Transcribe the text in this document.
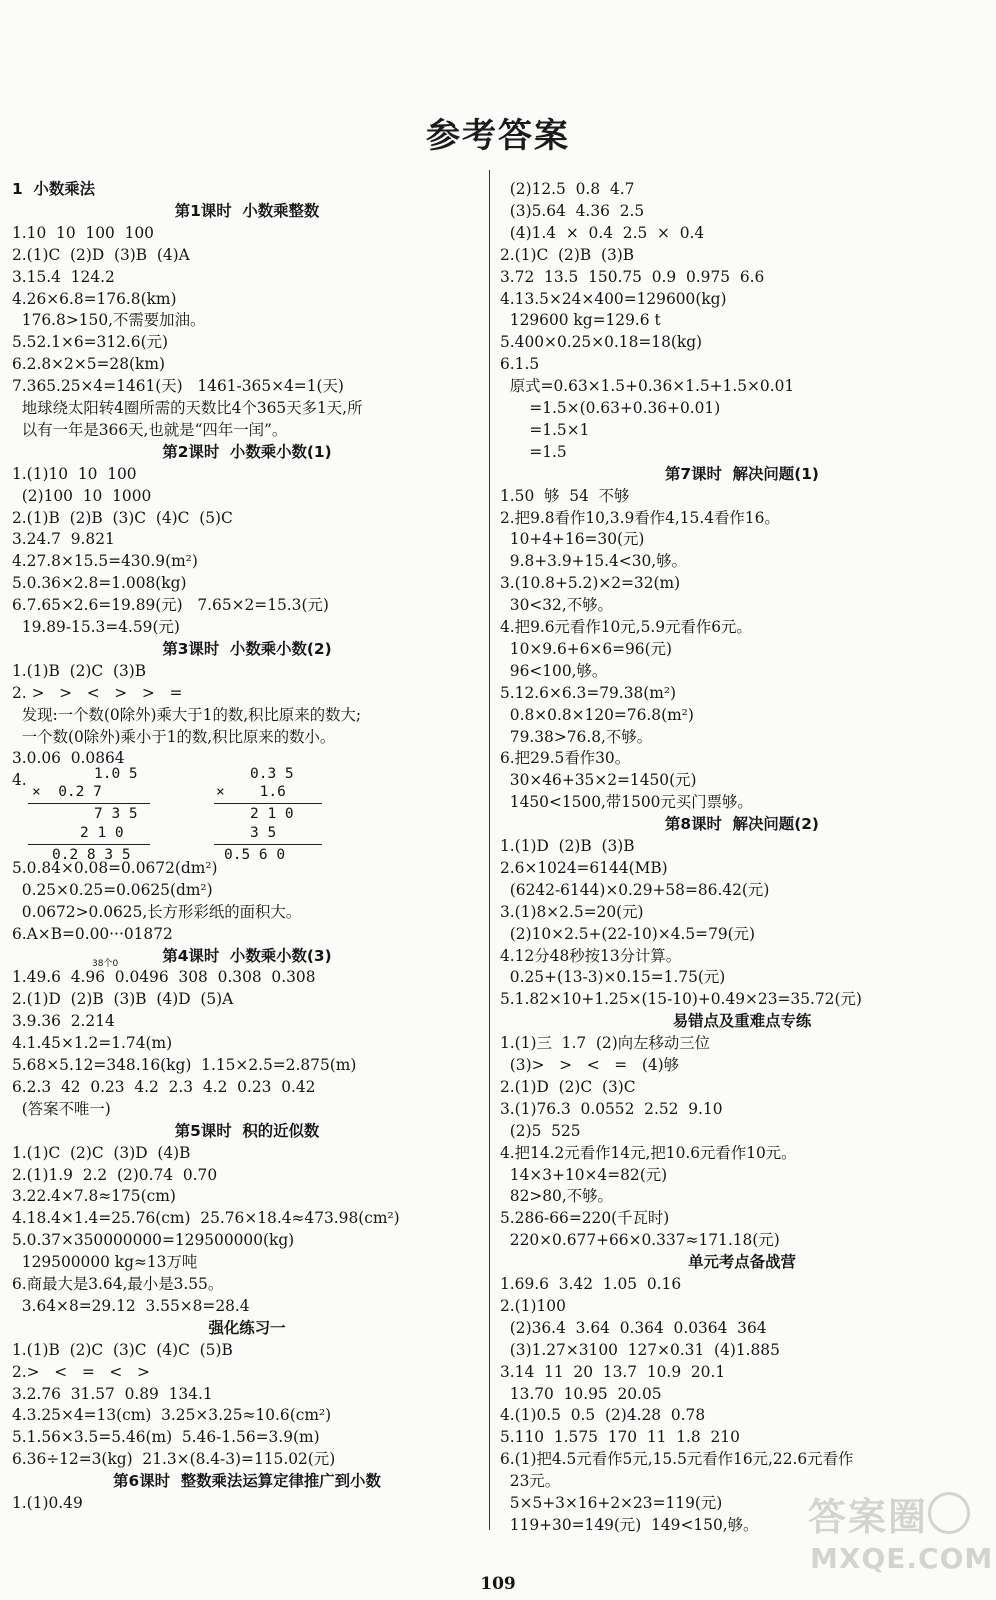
参考答案
1  小数乘法
第1课时  小数乘整数
1.10  10  100  100
2.(1)C  (2)D  (3)B  (4)A
3.15.4  124.2
4.26×6.8=176.8(km)
176.8>150,不需要加油。
5.52.1×6=312.6(元)
6.2.8×2×5=28(km)
7.365.25×4=1461(天)   1461-365×4=1(天)
地球绕太阳转4圈所需的天数比4个365天多1天,所
以有一年是366天,也就是“四年一闰”。
第2课时  小数乘小数(1)
1.(1)10  10  100
(2)100  10  1000
2.(1)B  (2)B  (3)C  (4)C  (5)C
3.24.7  9.821
4.27.8×15.5=430.9(m²)
5.0.36×2.8=1.008(kg)
6.7.65×2.6=19.89(元)   7.65×2=15.3(元)
19.89-15.3=4.59(元)
第3课时  小数乘小数(2)
1.(1)B  (2)C  (3)B
2. >   >   <   >   >   =
发现:一个数(0除外)乘大于1的数,积比原来的数大;
一个数(0除外)乘小于1的数,积比原来的数小。
3.0.06  0.0864
4.
5.0.84×0.08=0.0672(dm²)
0.25×0.25=0.0625(dm²)
0.0672>0.0625,长方形彩纸的面积大。
6.A×B=0.00···01872
第4课时  小数乘小数(3)
1.49.6  4.96  0.0496  308  0.308  0.308
2.(1)D  (2)B  (3)B  (4)D  (5)A
3.9.36  2.214
4.1.45×1.2=1.74(m)
5.68×5.12=348.16(kg)  1.15×2.5=2.875(m)
6.2.3  42  0.23  4.2  2.3  4.2  0.23  0.42
(答案不唯一)
第5课时  积的近似数
1.(1)C  (2)C  (3)D  (4)B
2.(1)1.9  2.2  (2)0.74  0.70
3.22.4×7.8≈175(cm)
4.18.4×1.4=25.76(cm)  25.76×18.4≈473.98(cm²)
5.0.37×350000000=129500000(kg)
129500000 kg≈13万吨
6.商最大是3.64,最小是3.55。
3.64×8=29.12  3.55×8=28.4
强化练习一
1.(1)B  (2)C  (3)C  (4)C  (5)B
2.>   <   =   <   >
3.2.76  31.57  0.89  134.1
4.3.25×4=13(cm)  3.25×3.25≈10.6(cm²)
5.1.56×3.5=5.46(m)  5.46-1.56=3.9(m)
6.36÷12=3(kg)  21.3×(8.4-3)=115.02(元)
第6课时  整数乘法运算定律推广到小数
1.(1)0.49
(2)12.5  0.8  4.7
(3)5.64  4.36  2.5
(4)1.4  ×  0.4  2.5  ×  0.4
2.(1)C  (2)B  (3)B
3.72  13.5  150.75  0.9  0.975  6.6
4.13.5×24×400=129600(kg)
129600 kg=129.6 t
5.400×0.25×0.18=18(kg)
6.1.5
原式=0.63×1.5+0.36×1.5+1.5×0.01
=1.5×(0.63+0.36+0.01)
=1.5×1
=1.5
第7课时  解决问题(1)
1.50  够  54  不够
2.把9.8看作10,3.9看作4,15.4看作16。
10+4+16=30(元)
9.8+3.9+15.4<30,够。
3.(10.8+5.2)×2=32(m)
30<32,不够。
4.把9.6元看作10元,5.9元看作6元。
10×9.6+6×6=96(元)
96<100,够。
5.12.6×6.3=79.38(m²)
0.8×0.8×120=76.8(m²)
79.38>76.8,不够。
6.把29.5看作30。
30×46+35×2=1450(元)
1450<1500,带1500元买门票够。
第8课时  解决问题(2)
1.(1)D  (2)B  (3)B
2.6×1024=6144(MB)
(6242-6144)×0.29+58=86.42(元)
3.(1)8×2.5=20(元)
(2)10×2.5+(22-10)×4.5=79(元)
4.12分48秒按13分计算。
0.25+(13-3)×0.15=1.75(元)
5.1.82×10+1.25×(15-10)+0.49×23=35.72(元)
易错点及重难点专练
1.(1)三  1.7  (2)向左移动三位
(3)>   >   <   =   (4)够
2.(1)D  (2)C  (3)C
3.(1)76.3  0.0552  2.52  9.10
(2)5  525
4.把14.2元看作14元,把10.6元看作10元。
14×3+10×4=82(元)
82>80,不够。
5.286-66=220(千瓦时)
220×0.677+66×0.337≈171.18(元)
单元考点备战营
1.69.6  3.42  1.05  0.16
2.(1)100
(2)36.4  3.64  0.364  0.0364  364
(3)1.27×3100  127×0.31  (4)1.885
3.14  11  20  13.7  10.9  20.1
13.70  10.95  20.05
4.(1)0.5  0.5  (2)4.28  0.78
5.110  1.575  170  11  1.8  210
6.(1)把4.5元看作5元,15.5元看作16元,22.6元看作
23元。
5×5+3×16+2×23=119(元)
119+30=149(元)  149<150,够。
1.0 5
×  0.2 7
7 3 5
2 1 0
0.2 8 3 5
0.3 5
×    1.6
2 1 0
3 5
0.5 6 0
38个0
答案圈
MXQE.COM
109
